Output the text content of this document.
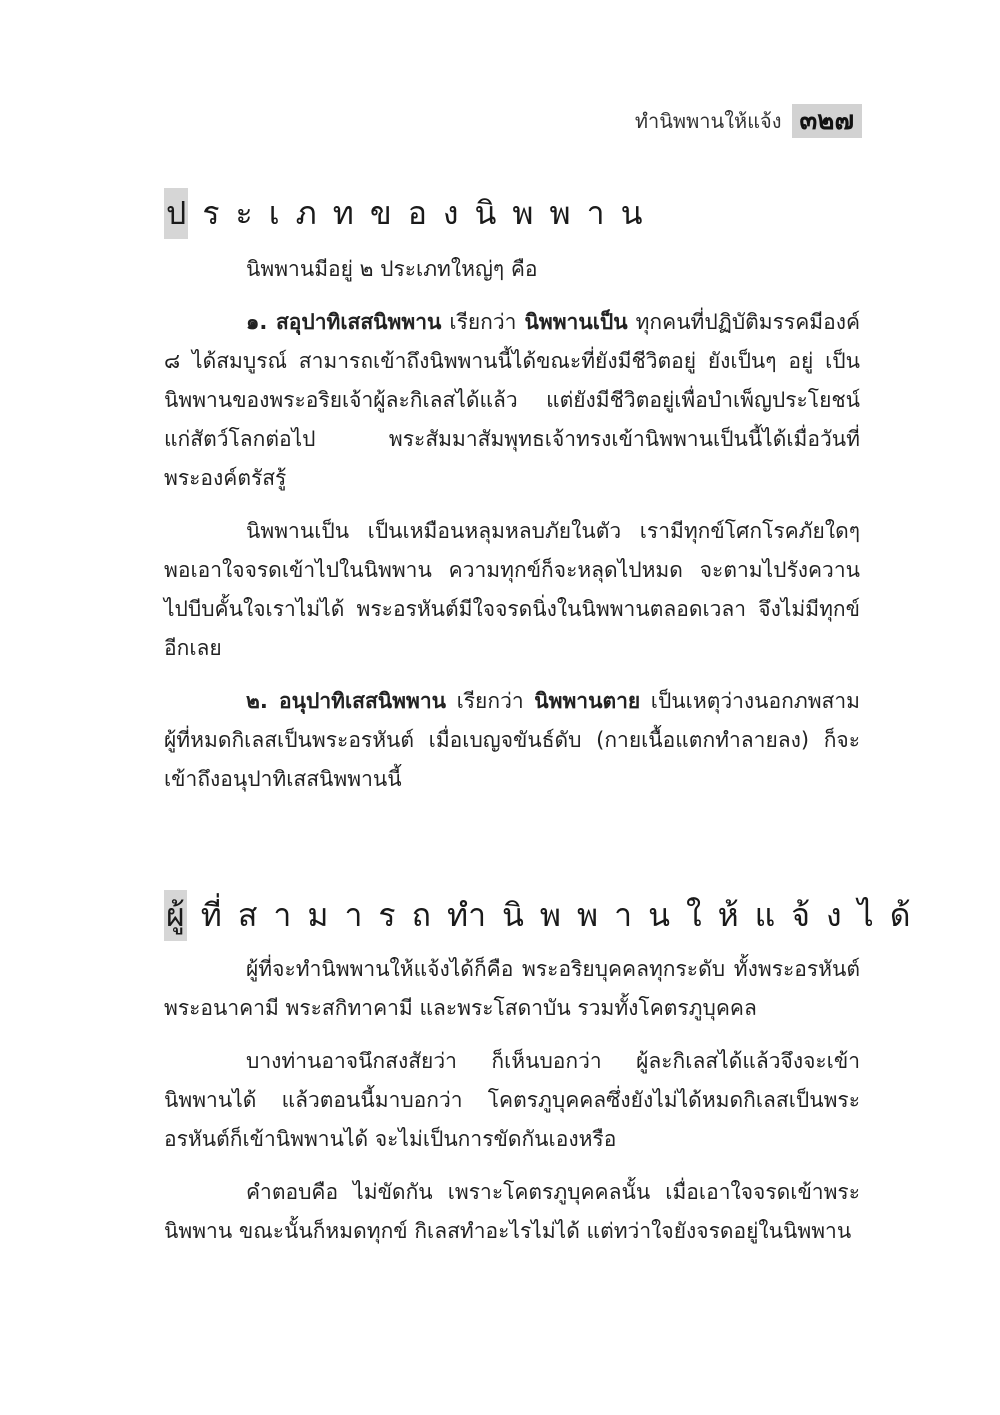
ทำนิพพานให้แจ้ง ๓๒๗
ป ระเภทของนิพพาน

นิพพานมีอยู่ ๒ ประเภทใหญ่ๆ คือ

๑. สอุปาทิเสสนิพพาน เรียกว่า นิพพานเป็น ทุกคนที่ปฏิบัติมรรคมีองค์ ๘ ได้สมบูรณ์ สามารถเข้าถึงนิพพานนี้ได้ขณะที่ยังมีชีวิตอยู่ ยังเป็นๆ อยู่ เป็นนิพพานของพระอริยเจ้าผู้ละกิเลสได้แล้ว แต่ยังมีชีวิตอยู่เพื่อบำเพ็ญประโยชน์แก่สัตว์โลกต่อไป พระสัมมาสัมพุทธเจ้าทรงเข้านิพพานเป็นนี้ได้เมื่อวันที่พระองค์ตรัสรู้

นิพพานเป็น เป็นเหมือนหลุมหลบภัยในตัว เรามีทุกข์โศกโรคภัยใดๆ พอเอาใจจรดเข้าไปในนิพพาน ความทุกข์ก็จะหลุดไปหมด จะตามไปรังควานไปบีบคั้นใจเราไม่ได้ พระอรหันต์มีใจจรดนิ่งในนิพพานตลอดเวลา จึงไม่มีทุกข์อีกเลย

๒. อนุปาทิเสสนิพพาน เรียกว่า นิพพานตาย เป็นเหตุว่างนอกภพสาม ผู้ที่หมดกิเลสเป็นพระอรหันต์ เมื่อเบญจขันธ์ดับ (กายเนื้อแตกทำลายลง) ก็จะเข้าถึงอนุปาทิเสสนิพพานนี้

ผู้ ที่สามารถทำนิพพานให้แจ้งได้

ผู้ที่จะทำนิพพานให้แจ้งได้ก็คือ พระอริยบุคคลทุกระดับ ทั้งพระอรหันต์ พระอนาคามี พระสกิทาคามี และพระโสดาบัน รวมทั้งโคตรภูบุคคล

บางท่านอาจนึกสงสัยว่า ก็เห็นบอกว่า ผู้ละกิเลสได้แล้วจึงจะเข้านิพพานได้ แล้วตอนนี้มาบอกว่า โคตรภูบุคคลซึ่งยังไม่ได้หมดกิเลสเป็นพระอรหันต์ก็เข้านิพพานได้ จะไม่เป็นการขัดกันเองหรือ

คำตอบคือ ไม่ขัดกัน เพราะโคตรภูบุคคลนั้น เมื่อเอาใจจรดเข้าพระนิพพาน ขณะนั้นก็หมดทุกข์ กิเลสทำอะไรไม่ได้ แต่ทว่าใจยังจรดอยู่ในนิพพาน
